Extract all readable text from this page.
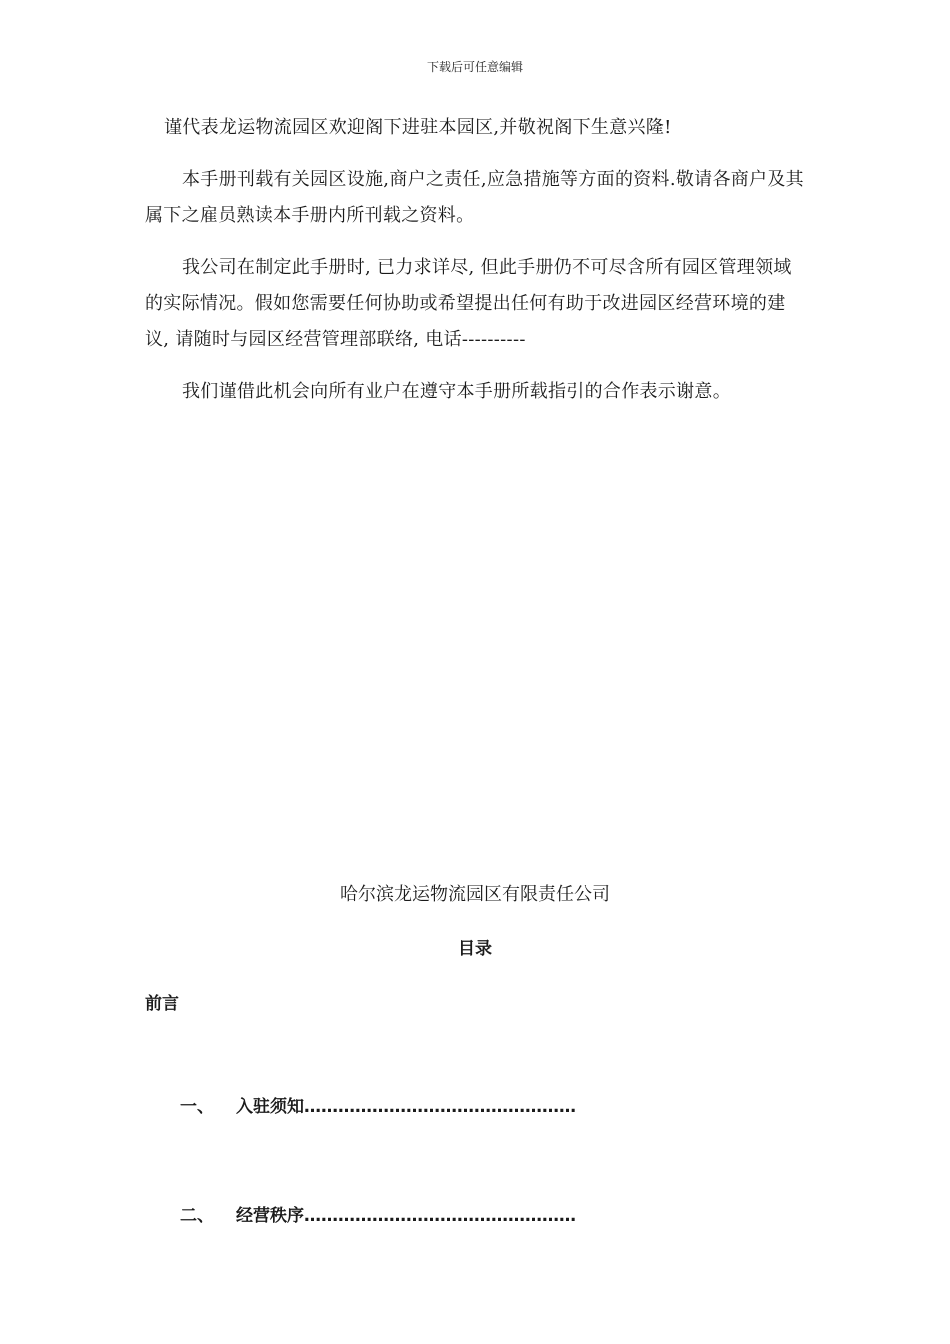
下载后可任意编辑
谨代表龙运物流园区欢迎阁下进驻本园区,并敬祝阁下生意兴隆!
本手册刊载有关园区设施,商户之责任,应急措施等方面的资料.敬请各商户及其属下之雇员熟读本手册内所刊载之资料。
我公司在制定此手册时, 已力求详尽, 但此手册仍不可尽含所有园区管理领域的实际情况。假如您需要任何协助或希望提出任何有助于改进园区经营环境的建议, 请随时与园区经营管理部联络, 电话----------
我们谨借此机会向所有业户在遵守本手册所载指引的合作表示谢意。
哈尔滨龙运物流园区有限责任公司
目录
前言
一、 入驻须知…………………………………………
二、 经营秩序…………………………………………
